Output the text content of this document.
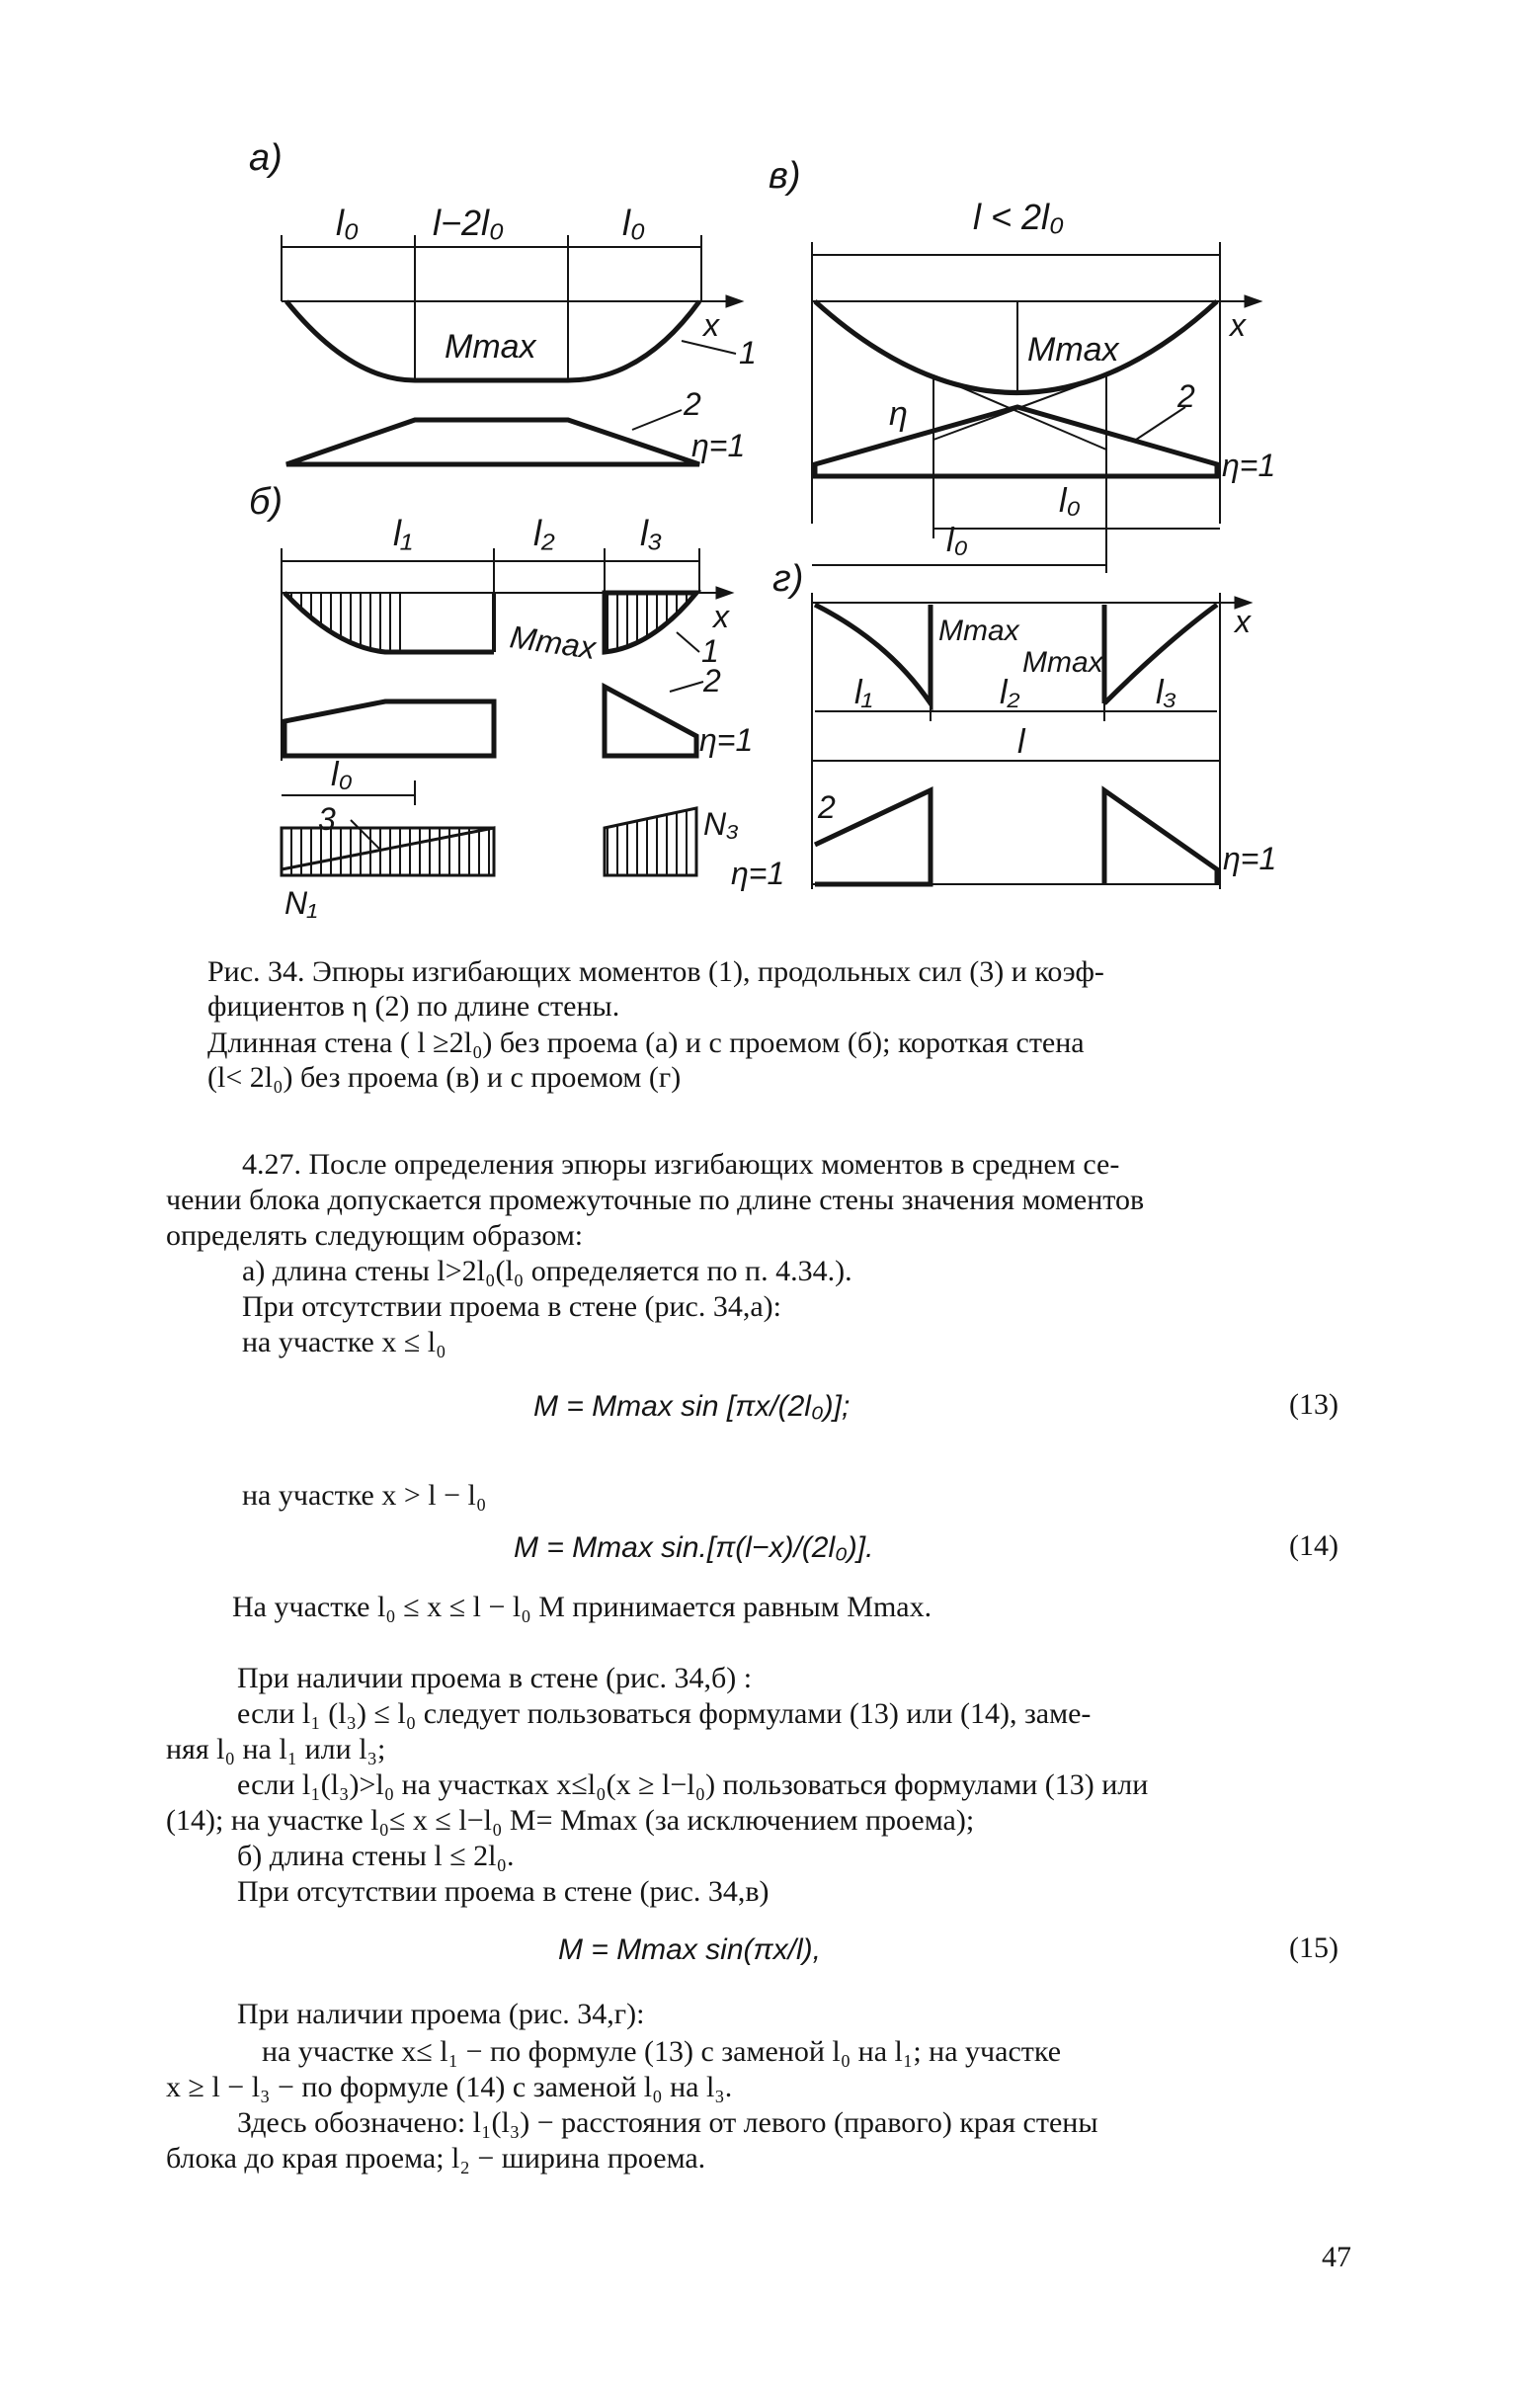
а)
б)
в)
г)
l₀ l−2l₀	l₀
Mmax
x
1
2
η=1
l₁	l₂ l₃
Mmax
x
1
2
η=1
l₀
3
N₁
N₃
η=1
l < 2l₀
Mmax
x
η	2
η=1
l₀
l₀
Mmax
Mmax
x
l₁	l₂	l₃
l
2
η=1
Рис. 34. Эпюры изгибающих моментов (1), продольных сил (3) и коэф-
фициентов η (2) по длине стены.
Длинная стена ( l ≥2l₀) без проема (а) и с проемом (б); короткая стена
(l< 2l₀) без проема (в) и с проемом (г)
4.27. После определения эпюры изгибающих моментов в среднем се-
чении блока допускается промежуточные по длине стены значения моментов
определять следующим образом:
а) длина стены l>2l₀(l₀ определяется по п. 4.34.).
При отсутствии проема в стене (рис. 34,а):
на участке x ≤ l₀
M = Mmax sin [πx/(2l₀)];	(13)
на участке x > l − l₀
M = Mmax sin.[π(l−x)/(2l₀)].	(14)
На участке l₀ ≤ x ≤ l − l₀ M принимается равным Mmax.
При наличии проема в стене (рис. 34,б) :
если l₁ (l₃) ≤ l₀ следует пользоваться формулами (13) или (14), заме-
няя l₀ на l₁ или l₃;
если l₁(l₃)>l₀ на участках x≤l₀(x ≥ l−l₀) пользоваться формулами (13) или
(14); на участке l₀≤ x ≤ l−l₀ M= Mmax (за исключением проема);
б) длина стены l ≤ 2l₀.
При отсутствии проема в стене (рис. 34,в)
M = Mmax sin(πx/l),	(15)
При наличии проема (рис. 34,г):
на участке x≤ l₁ − по формуле (13) с заменой l₀ на l₁; на участке
x ≥ l − l₃ − по формуле (14) с заменой l₀ на l₃.
Здесь обозначено: l₁(l₃) − расстояния от левого (правого) края стены
блока до края проема; l₂ − ширина проема.
47
